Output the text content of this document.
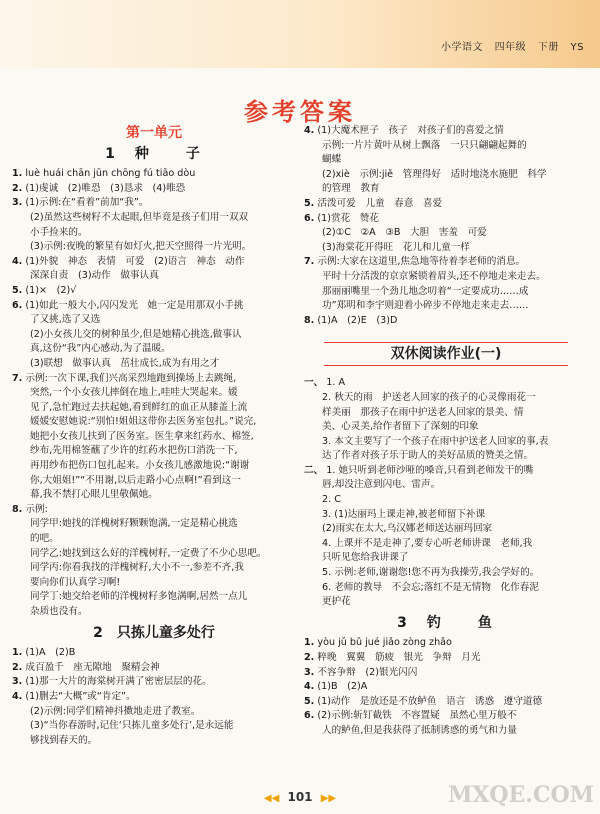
小学语文 四年级 下册 YS
参考答案
第一单元
1　种　　子
1. luè huái chān jūn chōng fú tiāo dòu
2. (1)虔诚　(2)唯恐　(3)恳求　(4)唯恐
3. (1)示例:在“看着”前加“我”。
(2)虽然这些树籽不太起眼,但毕竟是孩子们用一双双
小手捡来的。
(3)示例:夜晚的繁星有如灯火,把天空照得一片光明。
4. (1)外貌　神态　表情　可爱　(2)语言　神态　动作
深深自责　(3)动作　做事认真
5. (1)×　(2)√
6. (1)如此一般大小,闪闪发光　她一定是用那双小手挑
了又挑,选了又选
(2)小女孩儿交的树种虽少,但是她精心挑选,做事认
真,这份“我”内心感动,为了温暖。
(3)联想　做事认真　茁壮成长,成为有用之才
7. 示例:一次下课,我们兴高采烈地跑到操场上去跳绳,
突然,一个小女孩儿摔倒在地上,哇哇大哭起来。媛
见了,急忙跑过去扶起她,看到鲜红的血正从膝盖上流
媛媛安慰她说:“别怕!姐姐这带你去医务室包扎。”说完,
她把小女孩儿扶到了医务室。医生拿来红药水、棉签,
纱布,先用棉签蘸了少许的红药水把伤口消洗一下,
再用纱布把伤口包扎起来。小女孩儿感激地说:“谢谢
你,大姐姐!”“不用谢,以后走路小心点啊!”看到这一
幕,我不禁打心眼儿里敬佩她。
8. 示例:
同学甲:她找的洋槐树籽颗颗饱满,一定是精心挑选
的吧。
同学乙:她找到这么好的洋槐树籽,一定费了不少心思吧。
同学丙:你看我找的洋槐树籽,大小不一,参差不齐,我
要向你们认真学习啊!
同学丁:她交给老师的洋槐树籽多饱满啊,居然一点儿
杂质也没有。
2　只拣儿童多处行
1. (1)A　(2)B
2. 成百盈千　座无隙地　聚精会神
3. (1)那一大片的海棠树开满了密密层层的花。
4. (1)删去“大概”或“肯定”。
(2)示例:同学们精神抖擞地走进了教室。
(3)“当你春游时,记住‘只拣儿童多处行’,是永远能
够找到春天的。
4. (1)大魔术匣子　孩子　对孩子们的喜爱之情
示例:一片片黄叶从树上飘落　一只只翩翩起舞的
蝴蝶
(2)xiè　示例:jiě　管理得好　适时地浇水施肥　科学
的管理　教育
5. 活泼可爱　儿童　春意　喜爱
6. (1)赏花　赞花
(2)①C　②A　③B　大胆　害羞　可爱
(3)海棠花开得旺　花儿和儿童一样
7. 示例:大家在这道里,焦急地等待着李老师的消息。
平时十分活泼的京京紧锁着眉头,还不停地走来走去。
那丽丽嘴里一个劲儿地念叨着“一定要成功……成
功”郑明和李宇则迎着小碎步不停地走来走去……
8. (1)A　(2)E　(3)D
双休阅读作业(一)
一、 1. A
2. 秋天的雨　护送老人回家的孩子的心灵像雨花一
样美丽　那孩子在雨中护送老人回家的景美、情
美、心灵美,给作者留下了深刻的印象
3. 本文主要写了一个孩子在雨中护送老人回家的事,表
达了作者对孩子乐于助人的美好品质的赞美之情。
二、 1. 她只听到老师沙哑的嗓音,只看到老师发干的嘴
唇,却没注意到闪电、雷声。
2. C
3. (1)达丽玛上课走神,被老师留下补课
(2)雨实在太大,乌汉娜老师送达丽玛回家
4. 上课并不是走神了,要专心听老师讲课　老师,我
只听见您给我讲课了
5. 示例:老师,谢谢您!您不再为我操劳,我会学好的。
6. 老师的教导　不会忘;落红不是无情物　化作春泥
更护花
3　钓　　鱼
1. yòu jǔ bǔ jué jiǎo zòng zhǎo
2. 粹晚　翼翼　筋疲　银光　争辩　月光
3. 不容争辩　(2)银光闪闪
4. (1)B　(2)A
5. (1)动作　是放还是不放鲈鱼　语言　诱惑　遵守道德
6. (2)示例:斩钉截铁　不容置疑　虽然心里万般不
人的鲈鱼,但是我获得了抵制诱惑的勇气和力量
◀◀ 101 ▶▶	MXQE.COM
